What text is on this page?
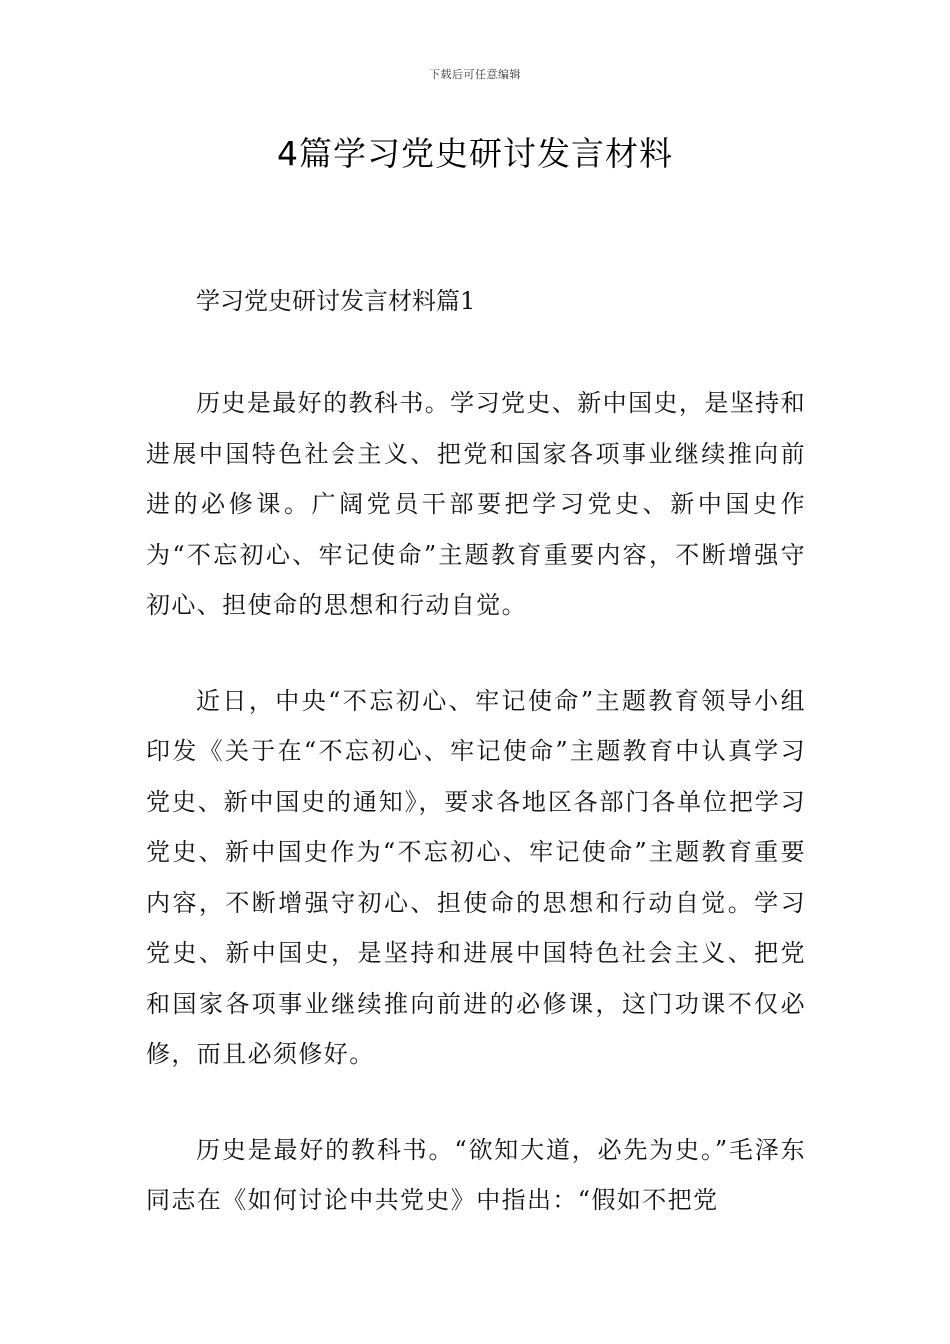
下载后可任意编辑
4篇学习党史研讨发言材料

学习党史研讨发言材料篇1

历史是最好的教科书。学习党史、新中国史，是坚持和进展中国特色社会主义、把党和国家各项事业继续推向前进的必修课。广阔党员干部要把学习党史、新中国史作为“不忘初心、牢记使命”主题教育重要内容，不断增强守初心、担使命的思想和行动自觉。

近日，中央“不忘初心、牢记使命”主题教育领导小组印发《关于在“不忘初心、牢记使命”主题教育中认真学习党史、新中国史的通知》，要求各地区各部门各单位把学习党史、新中国史作为“不忘初心、牢记使命”主题教育重要内容，不断增强守初心、担使命的思想和行动自觉。学习党史、新中国史，是坚持和进展中国特色社会主义、把党和国家各项事业继续推向前进的必修课，这门功课不仅必修，而且必须修好。

历史是最好的教科书。“欲知大道，必先为史。”毛泽东同志在《如何讨论中共党史》中指出：“假如不把党
